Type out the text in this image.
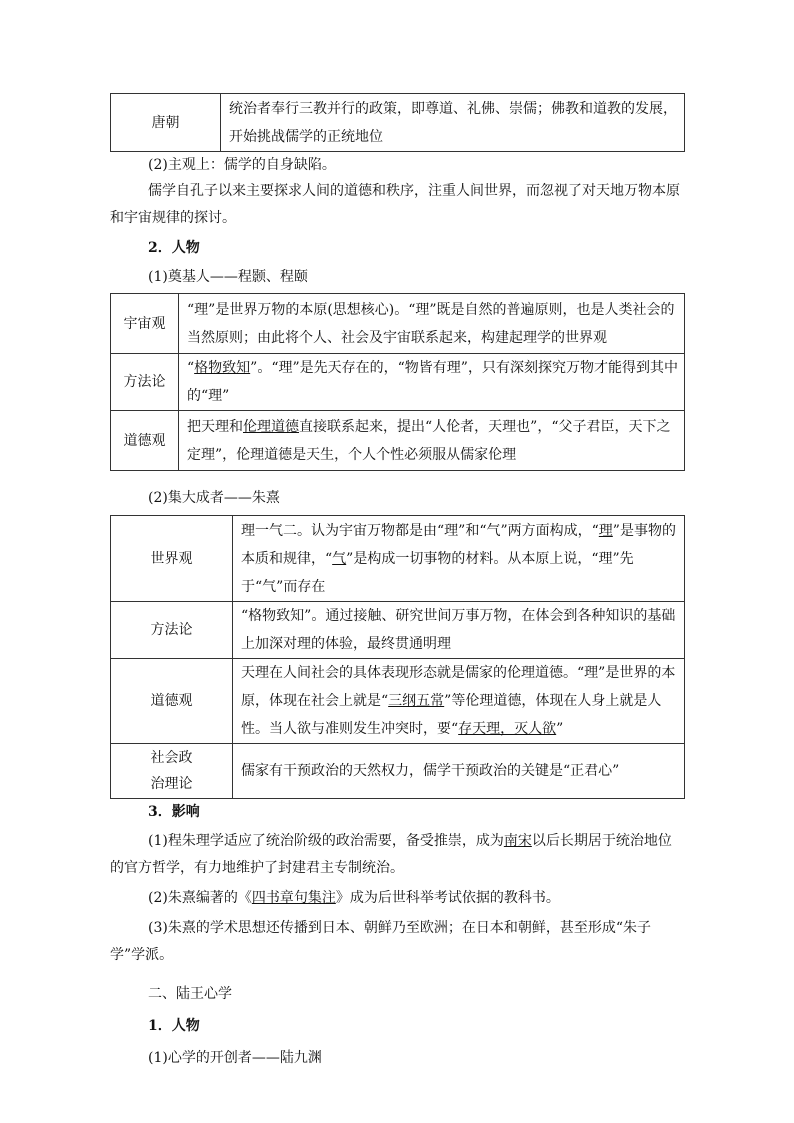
唐朝	统治者奉行三教并行的政策，即尊道、礼佛、崇儒；佛教和道教的发展，开始挑战儒学的正统地位

(2)主观上：儒学的自身缺陷。

儒学自孔子以来主要探求人间的道德和秩序，注重人间世界，而忽视了对天地万物本原和宇宙规律的探讨。

2．人物

(1)奠基人——程颢、程颐

宇宙观	“理”是世界万物的本原(思想核心)。“理”既是自然的普遍原则，也是人类社会的当然原则；由此将个人、社会及宇宙联系起来，构建起理学的世界观
方法论	“格物致知”。“理”是先天存在的，“物皆有理”，只有深刻探究万物才能得到其中的“理”
道德观	把天理和伦理道德直接联系起来，提出“人伦者，天理也”，“父子君臣，天下之定理”，伦理道德是天生，个人个性必须服从儒家伦理

(2)集大成者——朱熹

世界观	理一气二。认为宇宙万物都是由“理”和“气”两方面构成，“理”是事物的本质和规律，“气”是构成一切事物的材料。从本原上说，“理”先于“气”而存在
方法论	“格物致知”。通过接触、研究世间万事万物，在体会到各种知识的基础上加深对理的体验，最终贯通明理
道德观	天理在人间社会的具体表现形态就是儒家的伦理道德。“理”是世界的本原，体现在社会上就是“三纲五常”等伦理道德，体现在人身上就是人性。当人欲与准则发生冲突时，要“存天理，灭人欲”
社会政
治理论	儒家有干预政治的天然权力，儒学干预政治的关键是“正君心”

3．影响

(1)程朱理学适应了统治阶级的政治需要，备受推崇，成为南宋以后长期居于统治地位的官方哲学，有力地维护了封建君主专制统治。

(2)朱熹编著的《四书章句集注》成为后世科举考试依据的教科书。

(3)朱熹的学术思想还传播到日本、朝鲜乃至欧洲；在日本和朝鲜，甚至形成“朱子学”学派。

二、陆王心学

1．人物

(1)心学的开创者——陆九渊
